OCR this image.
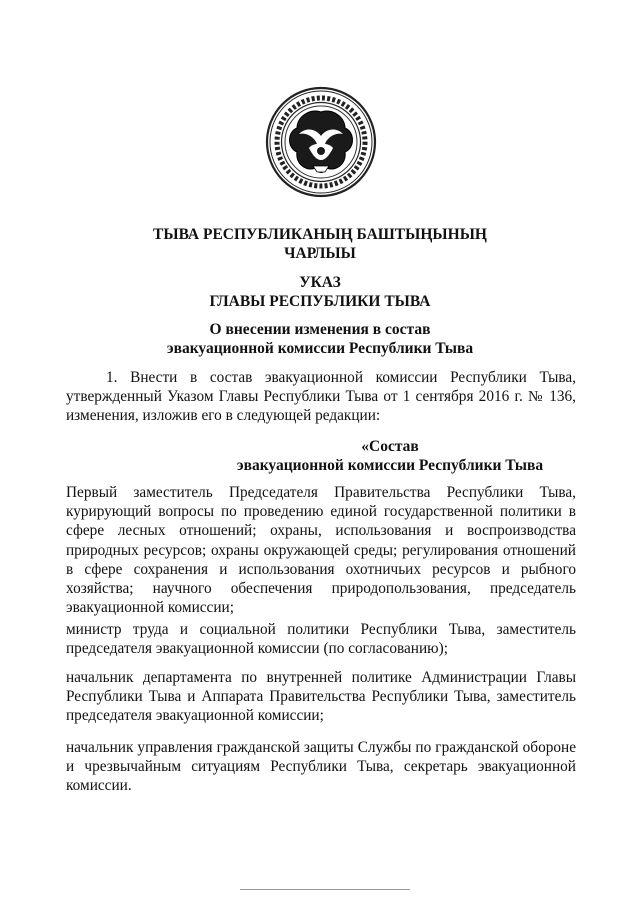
ТЫВА РЕСПУБЛИКАНЫҢ БАШТЫҢЫНЫҢ
ЧАРЛЫЫ
УКАЗ
ГЛАВЫ РЕСПУБЛИКИ ТЫВА
О внесении изменения в состав
эвакуационной комиссии Республики Тыва

1. Внести в состав эвакуационной комиссии Республики Тыва, утвержденный Указом Главы Республики Тыва от 1 сентября 2016 г. № 136, изменения, изложив его в следующей редакции:

«Состав
эвакуационной комиссии Республики Тыва

Первый заместитель Председателя Правительства Республики Тыва, курирующий вопросы по проведению единой государственной политики в сфере лесных отношений; охраны, использования и воспроизводства природных ресурсов; охраны окружающей среды; регулирования отношений в сфере сохранения и использования охотничьих ресурсов и рыбного хозяйства; научного обеспечения природопользования, председатель эвакуационной комиссии;

министр труда и социальной политики Республики Тыва, заместитель председателя эвакуационной комиссии (по согласованию);

начальник департамента по внутренней политике Администрации Главы Республики Тыва и Аппарата Правительства Республики Тыва, заместитель председателя эвакуационной комиссии;

начальник управления гражданской защиты Службы по гражданской обороне и чрезвычайным ситуациям Республики Тыва, секретарь эвакуационной комиссии.
